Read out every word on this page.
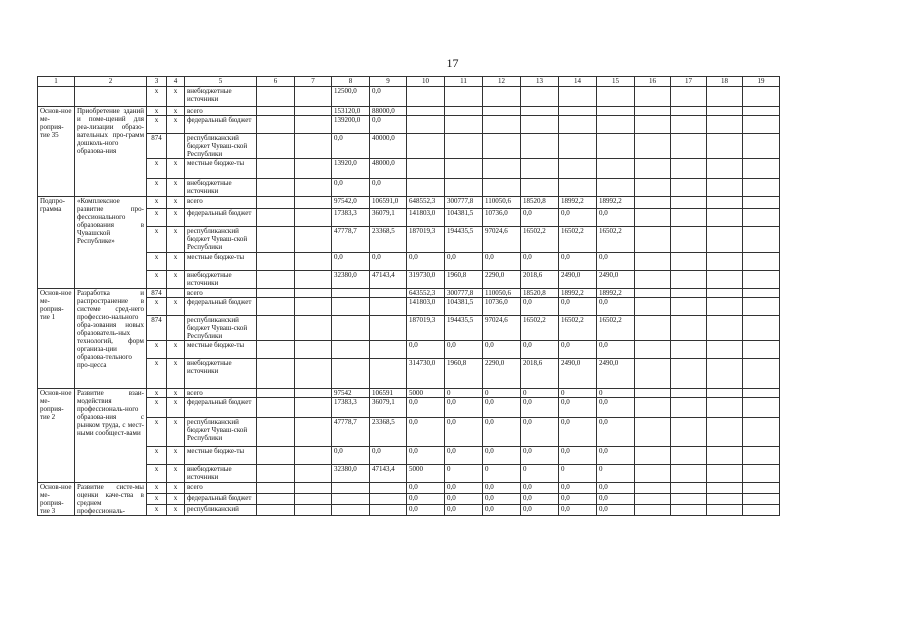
17
1	2	3	4	5	6	7	8	9	10	11	12	13	14	15	16	17	18	19
		x	x	внебюджетные источники			12500,0	0,0										
Основ-ное ме-роприя-тие 35	Приобретение зданий и поме-щений для реа-лизации образо-вательных про-грамм дошколь-ного образова-ния	x	x	всего			153120,0	88000,0										
		x	x	федеральный бюджет			139200,0	0,0										
		874		республиканский бюджет Чуваш-ской Республики			0,0	40000,0										
		x	x	местные бюдже-ты			13920,0	48000,0										
		x	x	внебюджетные источники			0,0	0,0										
Подпро-грамма	«Комплексное развитие про-фессионального образования в Чувашской Республике»	x	x	всего			97542,0	106591,0	648552,3	300777,8	110050,6	18520,8	18992,2	18992,2				
		x	x	федеральный бюджет			17383,3	36079,1	141803,0	104381,5	10736,0	0,0	0,0	0,0				
		x	x	республиканский бюджет Чуваш-ской Республики			47778,7	23368,5	187019,3	194435,5	97024,6	16502,2	16502,2	16502,2				
		x	x	местные бюдже-ты			0,0	0,0	0,0	0,0	0,0	0,0	0,0	0,0				
		x	x	внебюджетные источники			32380,0	47143,4	319730,0	1960,8	2290,0	2018,6	2490,0	2490,0				
Основ-ное ме-роприя-тие 1	Разработка и распространение в системе сред-него профессио-нального обра-зования новых образователь-ных технологий, форм организа-ции образова-тельного про-цесса	874		всего					643552,3	300777,8	110050,6	18520,8	18992,2	18992,2				
		x	x	федеральный бюджет					141803,0	104381,5	10736,0	0,0	0,0	0,0				
		874		республиканский бюджет Чуваш-ской Республики					187019,3	194435,5	97024,6	16502,2	16502,2	16502,2				
		x	x	местные бюдже-ты					0,0	0,0	0,0	0,0	0,0	0,0				
		x	x	внебюджетные источники					314730,0	1960,8	2290,0	2018,6	2490,0	2490,0				
Основ-ное ме-роприя-тие 2	Развитие взаи-модействия профессиональ-ного образова-ния с рынком труда, с мест-ными сообщест-вами	x	x	всего			97542	106591	5000	0	0	0	0	0				
		x	x	федеральный бюджет			17383,3	36079,1	0,0	0,0	0,0	0,0	0,0	0,0				
		x	x	республиканский бюджет Чуваш-ской Республики			47778,7	23368,5	0,0	0,0	0,0	0,0	0,0	0,0				
		x	x	местные бюдже-ты			0,0	0,0	0,0	0,0	0,0	0,0	0,0	0,0				
		x	x	внебюджетные источники			32380,0	47143,4	5000	0	0	0	0	0				
Основ-ное ме-роприя-тие 3	Развитие систе-мы оценки каче-ства в среднем профессиональ-	x	x	всего					0,0	0,0	0,0	0,0	0,0	0,0				
		x	x	федеральный бюджет					0,0	0,0	0,0	0,0	0,0	0,0				
		x	x	республиканский					0,0	0,0	0,0	0,0	0,0	0,0				
